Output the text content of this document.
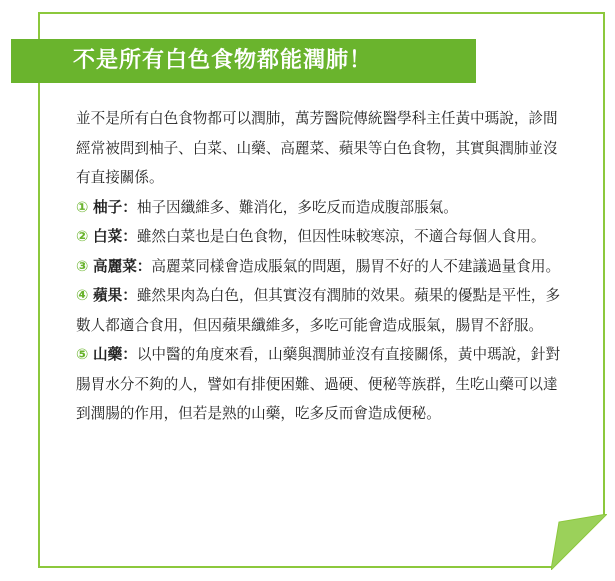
不是所有白色食物都能潤肺！

並不是所有白色食物都可以潤肺，萬芳醫院傳統醫學科主任黃中瑪說，診間經常被問到柚子、白菜、山藥、高麗菜、蘋果等白色食物，其實與潤肺並沒有直接關係。

① 柚子：柚子因纖維多、難消化，多吃反而造成腹部脹氣。

② 白菜：雖然白菜也是白色食物，但因性味較寒涼，不適合每個人食用。

③ 高麗菜：高麗菜同樣會造成脹氣的問題，腸胃不好的人不建議過量食用。

④ 蘋果：雖然果肉為白色，但其實沒有潤肺的效果。蘋果的優點是平性，多數人都適合食用，但因蘋果纖維多，多吃可能會造成脹氣，腸胃不舒服。

⑤ 山藥：以中醫的角度來看，山藥與潤肺並沒有直接關係，黃中瑪說，針對腸胃水分不夠的人，譬如有排便困難、過硬、便秘等族群，生吃山藥可以達到潤腸的作用，但若是熟的山藥，吃多反而會造成便秘。
